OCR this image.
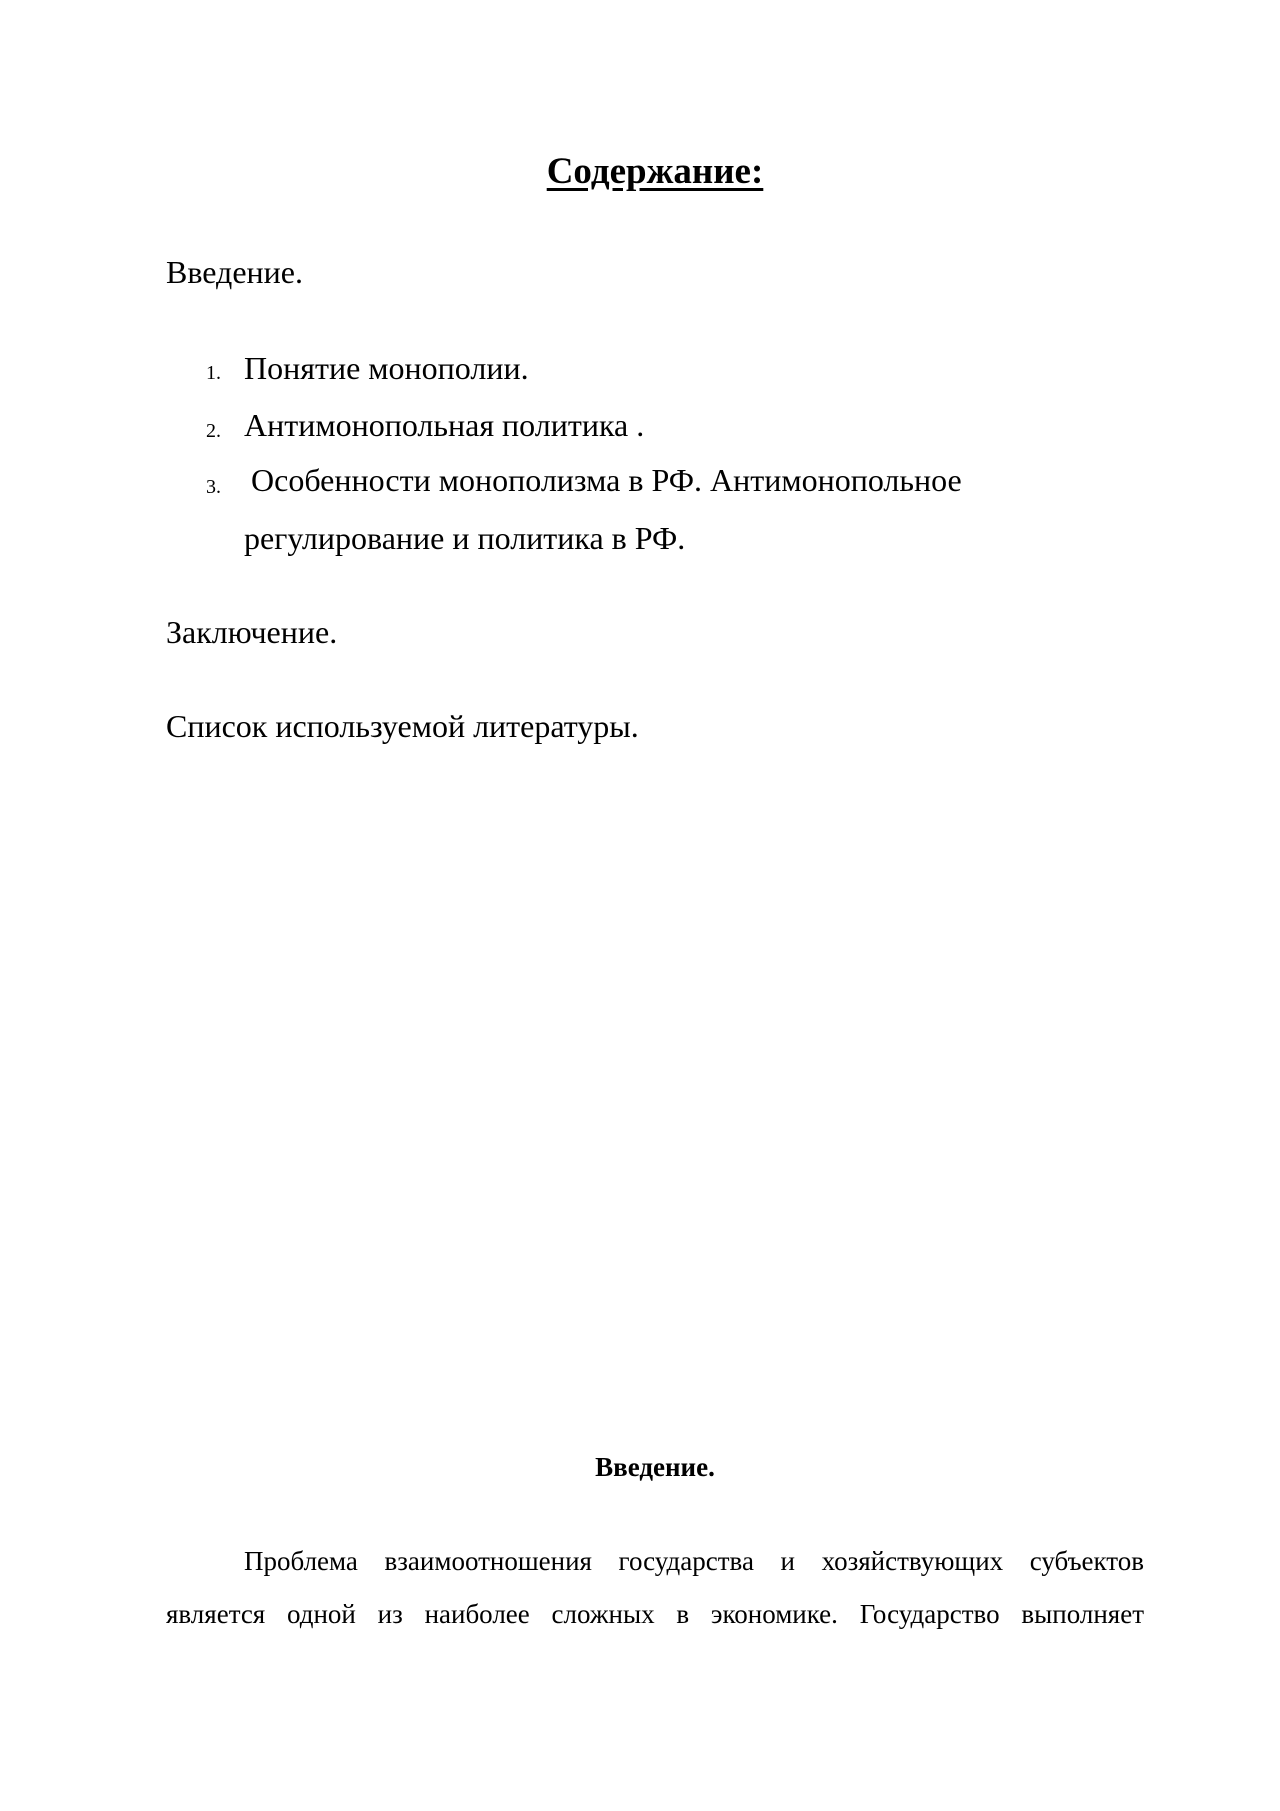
Содержание:
Введение.
1. Понятие монополии.
2. Антимонопольная политика .
3. Особенности монополизма в РФ. Антимонопольное
регулирование и политика в РФ.
Заключение.
Список используемой литературы.
Введение.

Проблема взаимоотношения государства и хозяйствующих субъектов является одной из наиболее сложных в экономике. Государство выполняет
